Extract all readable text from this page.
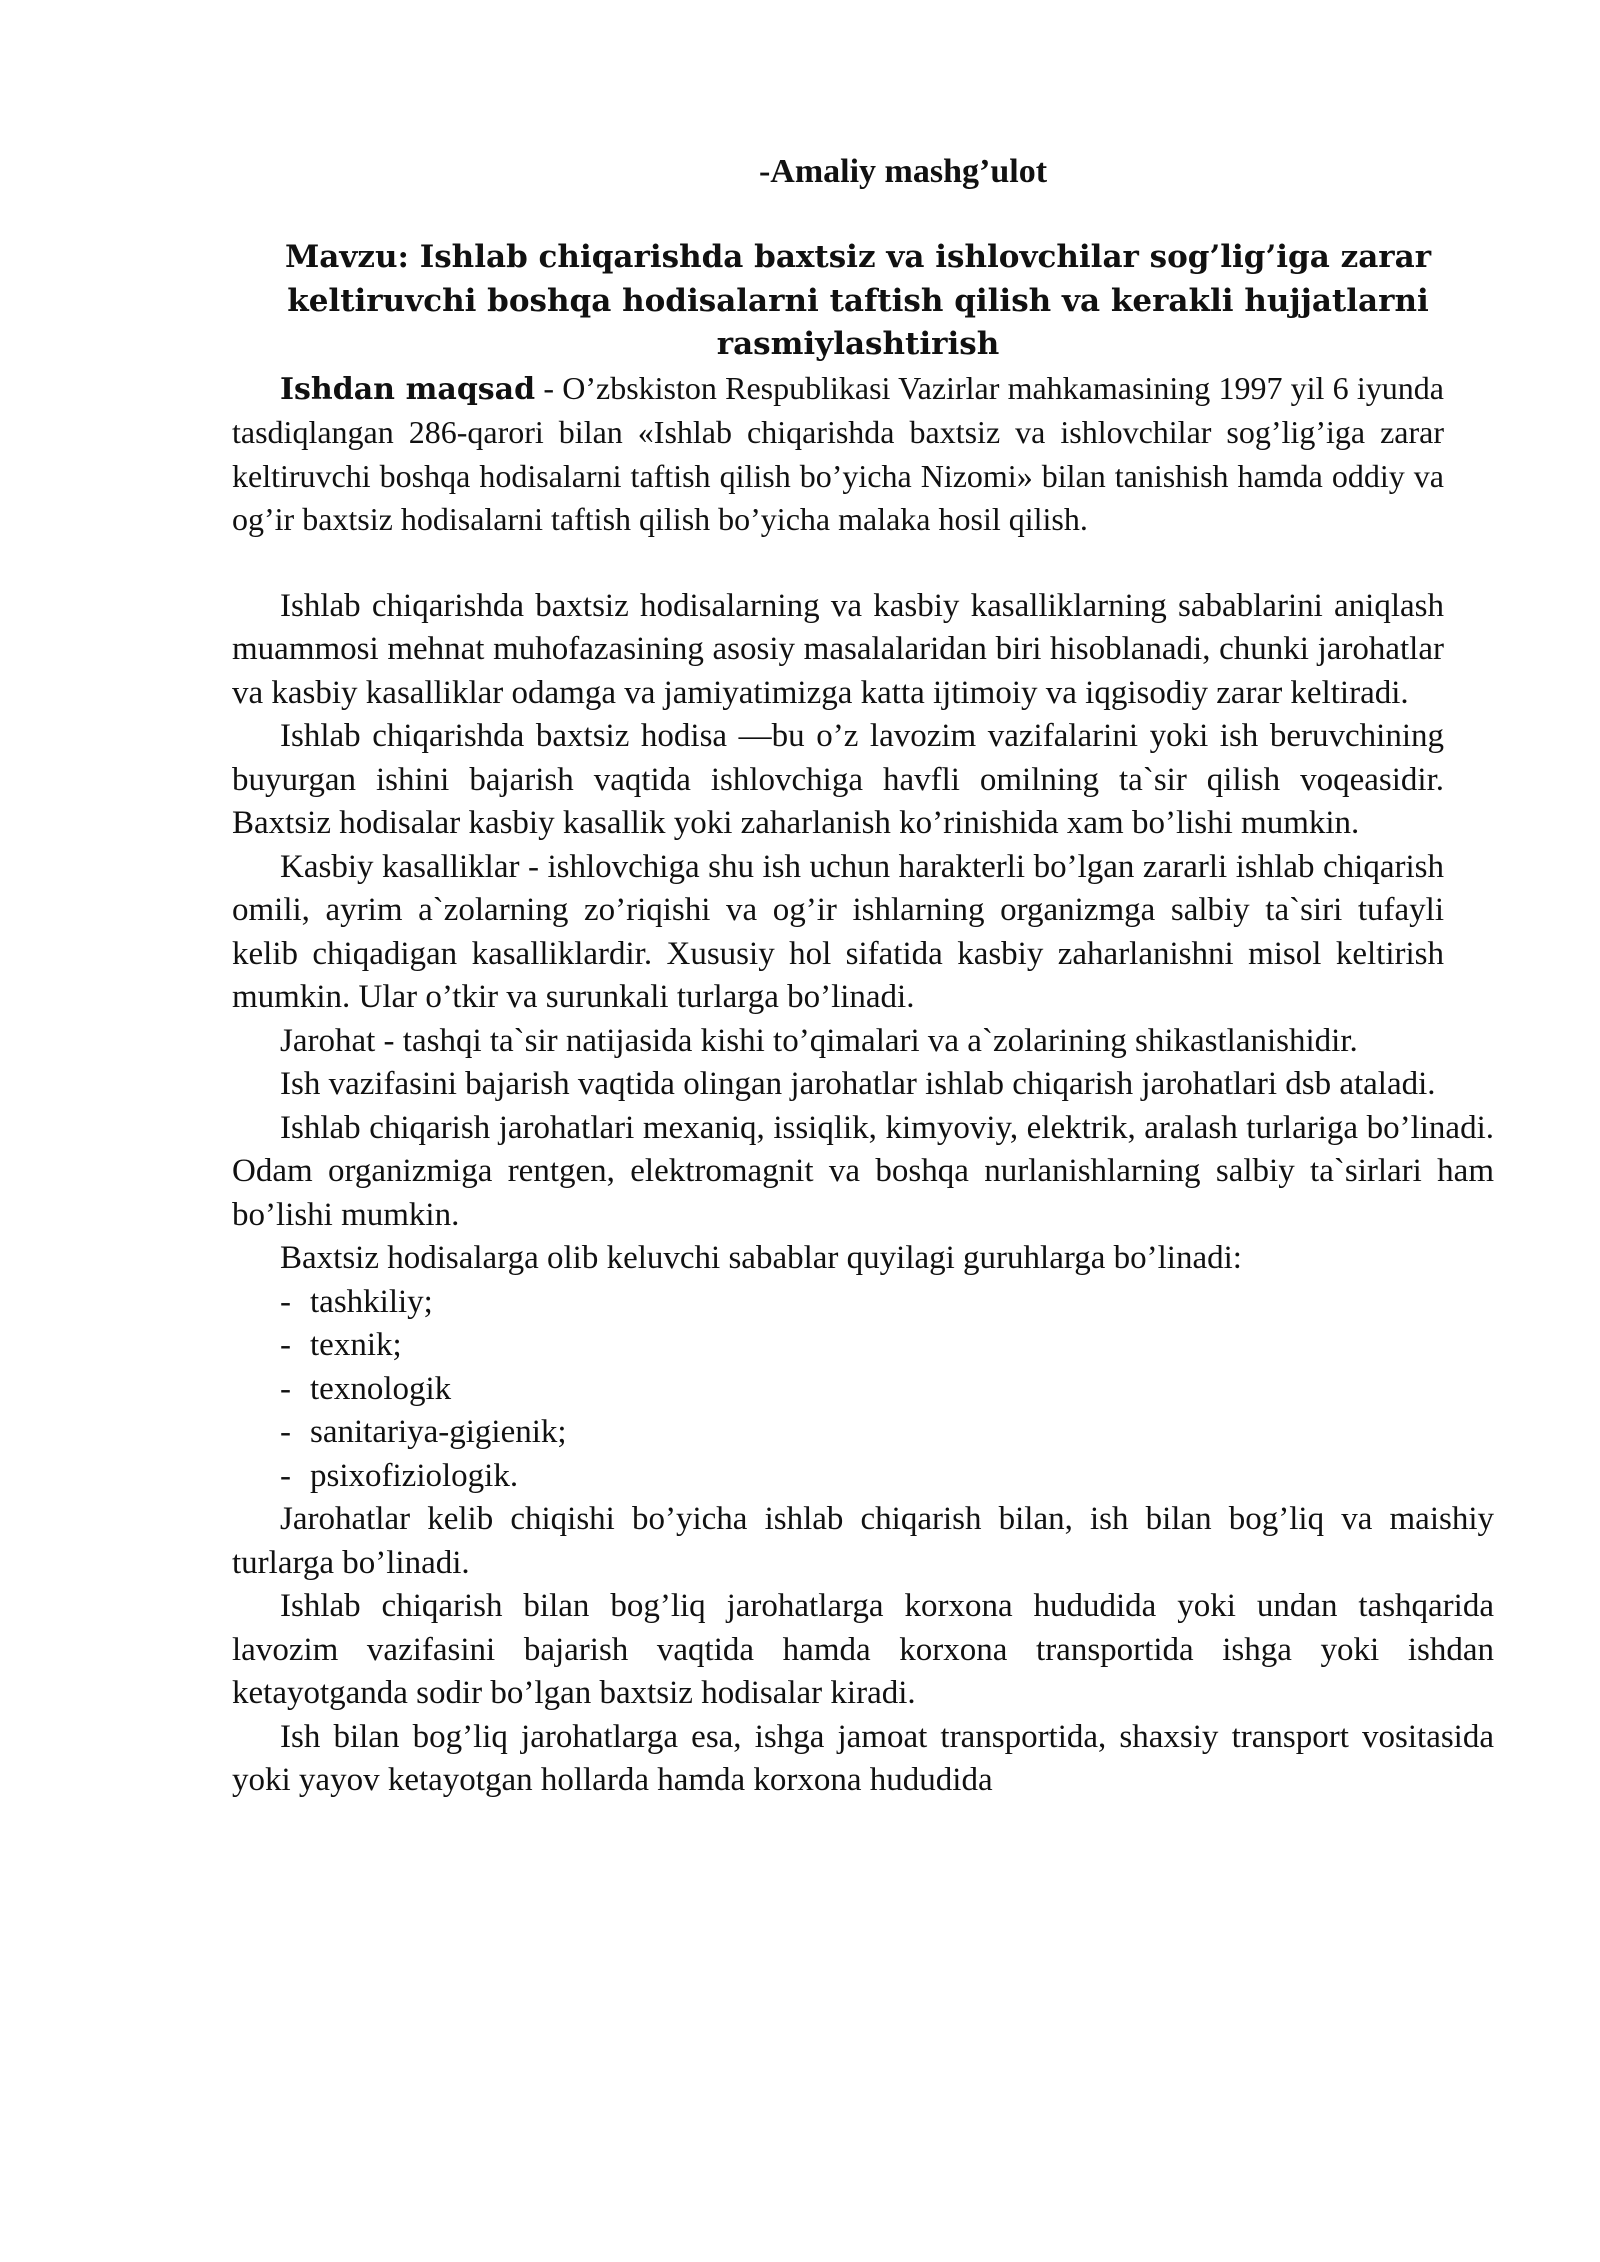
-Amaliy mashg’ulot
Mavzu: Ishlab chiqarishda baxtsiz va ishlovchilar sog’lig’iga zarar keltiruvchi boshqa hodisalarni taftish qilish va kerakli hujjatlarni rasmiylashtirish

Ishdan maqsad - O’zbskiston Respublikasi Vazirlar mahkamasining 1997 yil 6 iyunda tasdiqlangan 286-qarori bilan «Ishlab chiqarishda baxtsiz va ishlovchilar sog’lig’iga zarar keltiruvchi boshqa hodisalarni taftish qilish bo’yicha Nizomi» bilan tanishish hamda oddiy va og’ir baxtsiz hodisalarni taftish qilish bo’yicha malaka hosil qilish.

Ishlab chiqarishda baxtsiz hodisalarning va kasbiy kasalliklarning sabablarini aniqlash muammosi mehnat muhofazasining asosiy masalalaridan biri hisoblanadi, chunki jarohatlar va kasbiy kasalliklar odamga va jamiyatimizga katta ijtimoiy va iqgisodiy zarar keltiradi.

Ishlab chiqarishda baxtsiz hodisa —bu o’z lavozim vazifalarini yoki ish beruvchining buyurgan ishini bajarish vaqtida ishlovchiga havfli omilning ta`sir qilish voqeasidir. Baxtsiz hodisalar kasbiy kasallik yoki zaharlanish ko’rinishida xam bo’lishi mumkin.

Kasbiy kasalliklar - ishlovchiga shu ish uchun harakterli bo’lgan zararli ishlab chiqarish omili, ayrim a`zolarning zo’riqishi va og’ir ishlarning organizmga salbiy ta`siri tufayli kelib chiqadigan kasalliklardir. Xususiy hol sifatida kasbiy zaharlanishni misol keltirish mumkin. Ular o’tkir va surunkali turlarga bo’linadi.

Jarohat - tashqi ta`sir natijasida kishi to’qimalari va a`zolarining shikastlanishidir.

Ish vazifasini bajarish vaqtida olingan jarohatlar ishlab chiqarish jarohatlari dsb ataladi.

Ishlab chiqarish jarohatlari mexaniq, issiqlik, kimyoviy, elektrik, aralash turlariga bo’linadi. Odam organizmiga rentgen, elektromagnit va boshqa nurlanishlarning salbiy ta`sirlari ham bo’lishi mumkin.

Baxtsiz hodisalarga olib keluvchi sabablar quyilagi guruhlarga bo’linadi:

- tashkiliy;
- texnik;
- texnologik
- sanitariya-gigienik;
- psixofiziologik.

Jarohatlar kelib chiqishi bo’yicha ishlab chiqarish bilan, ish bilan bog’liq va maishiy turlarga bo’linadi.

Ishlab chiqarish bilan bog’liq jarohatlarga korxona hududida yoki undan tashqarida lavozim vazifasini bajarish vaqtida hamda korxona transportida ishga yoki ishdan ketayotganda sodir bo’lgan baxtsiz hodisalar kiradi.

Ish bilan bog’liq jarohatlarga esa, ishga jamoat transportida, shaxsiy transport vositasida yoki yayov ketayotgan hollarda hamda korxona hududida
